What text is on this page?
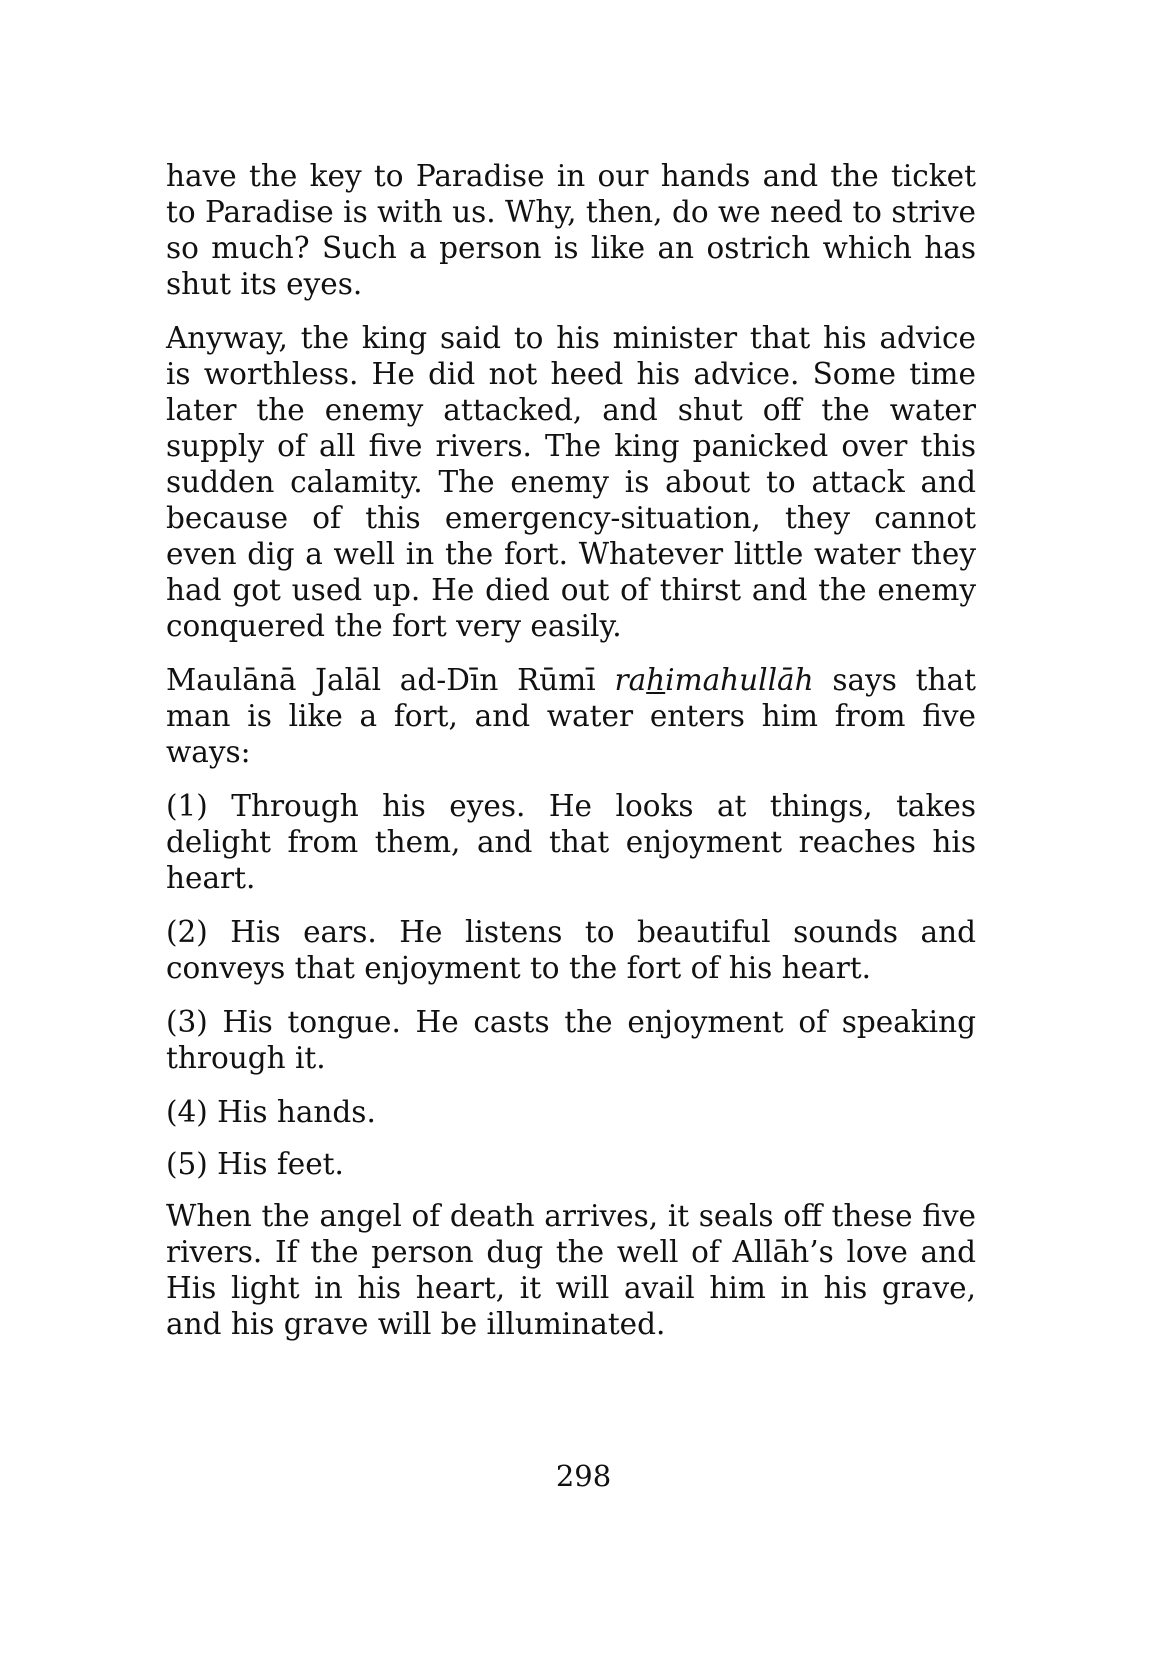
have the key to Paradise in our hands and the ticket to Paradise is with us. Why, then, do we need to strive so much? Such a person is like an ostrich which has shut its eyes.

Anyway, the king said to his minister that his advice is worthless. He did not heed his advice. Some time later the enemy attacked, and shut off the water supply of all five rivers. The king panicked over this sudden calamity. The enemy is about to attack and because of this emergency-situation, they cannot even dig a well in the fort. Whatever little water they had got used up. He died out of thirst and the enemy conquered the fort very easily.

Maulānā Jalāl ad-Dīn Rūmī rahimahullāh says that man is like a fort, and water enters him from five ways:

(1) Through his eyes. He looks at things, takes delight from them, and that enjoyment reaches his heart.

(2) His ears. He listens to beautiful sounds and conveys that enjoyment to the fort of his heart.

(3) His tongue. He casts the enjoyment of speaking through it.

(4) His hands.

(5) His feet.

When the angel of death arrives, it seals off these five rivers. If the person dug the well of Allāh’s love and His light in his heart, it will avail him in his grave, and his grave will be illuminated.

298
